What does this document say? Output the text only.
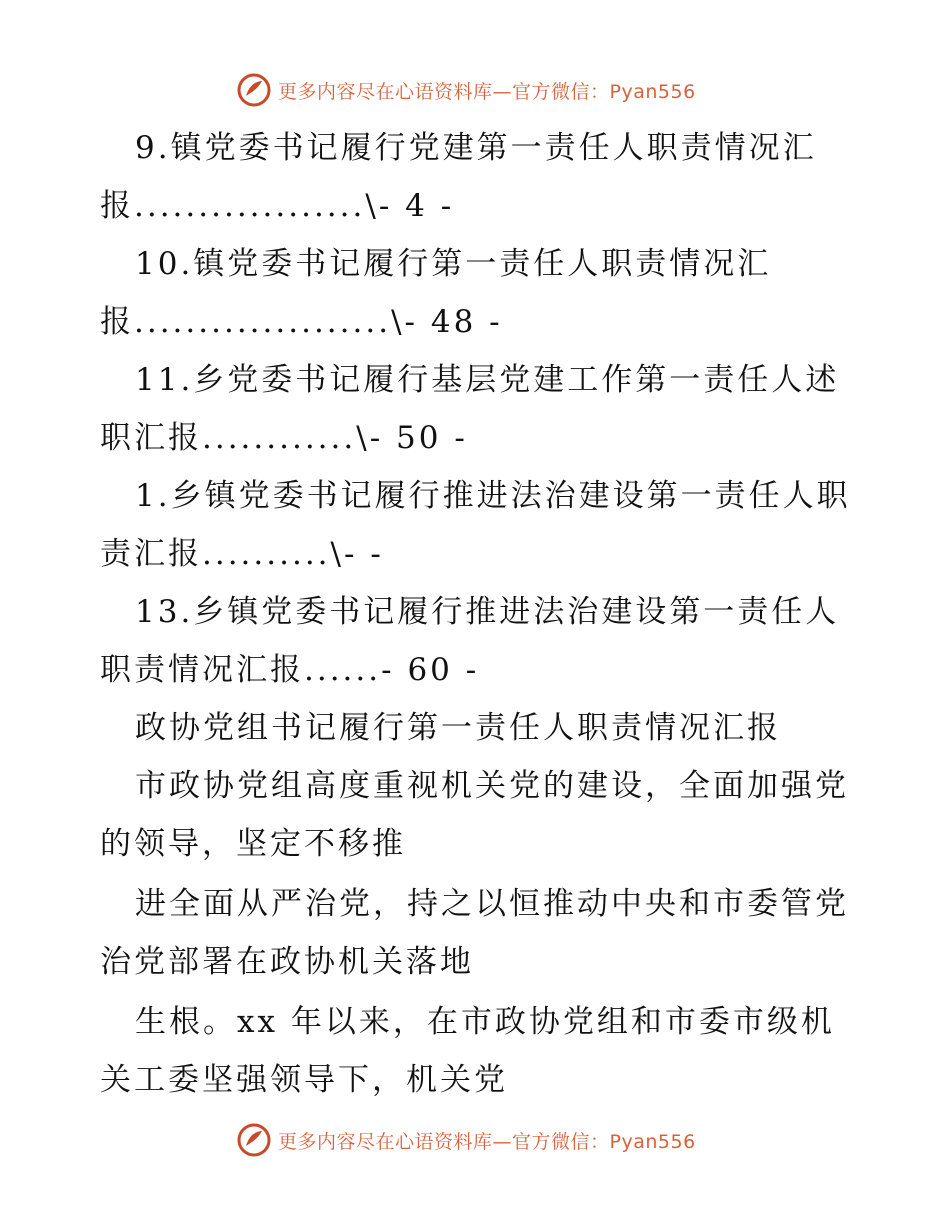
更多内容尽在心语资料库—官方微信：Pyan556
9.镇党委书记履行党建第一责任人职责情况汇
报..................\- 4 -
10.镇党委书记履行第一责任人职责情况汇
报....................\- 48 -
11.乡党委书记履行基层党建工作第一责任人述
职汇报............\- 50 -
1.乡镇党委书记履行推进法治建设第一责任人职
责汇报..........\- -
13.乡镇党委书记履行推进法治建设第一责任人
职责情况汇报......- 60 -
政协党组书记履行第一责任人职责情况汇报
市政协党组高度重视机关党的建设，全面加强党
的领导，坚定不移推
进全面从严治党，持之以恒推动中央和市委管党
治党部署在政协机关落地
生根。xx 年以来，在市政协党组和市委市级机
关工委坚强领导下，机关党
更多内容尽在心语资料库—官方微信：Pyan556
